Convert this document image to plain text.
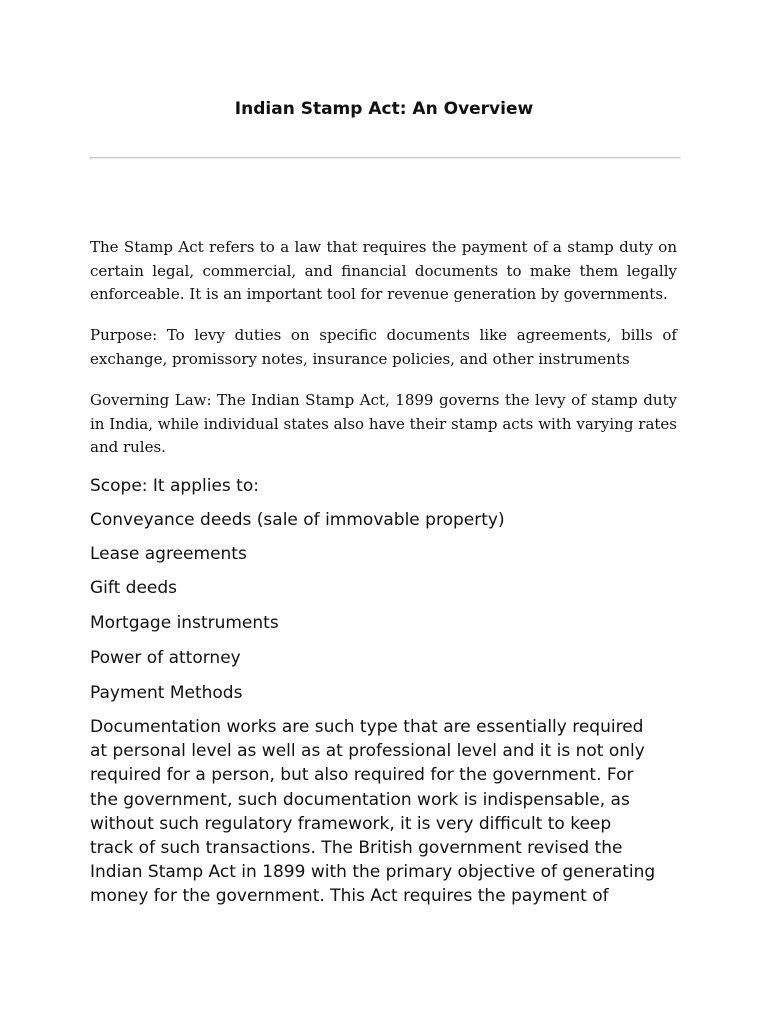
Indian Stamp Act: An Overview

The Stamp Act refers to a law that requires the payment of a stamp duty on certain legal, commercial, and financial documents to make them legally enforceable. It is an important tool for revenue generation by governments.

Purpose: To levy duties on specific documents like agreements, bills of exchange, promissory notes, insurance policies, and other instruments

Governing Law: The Indian Stamp Act, 1899 governs the levy of stamp duty in India, while individual states also have their stamp acts with varying rates and rules.

Scope: It applies to:

Conveyance deeds (sale of immovable property)

Lease agreements

Gift deeds

Mortgage instruments

Power of attorney

Payment Methods

Documentation works are such type that are essentially required
at personal level as well as at professional level and it is not only
required for a person, but also required for the government. For
the government, such documentation work is indispensable, as
without such regulatory framework, it is very difficult to keep
track of such transactions. The British government revised the
Indian Stamp Act in 1899 with the primary objective of generating
money for the government. This Act requires the payment of
